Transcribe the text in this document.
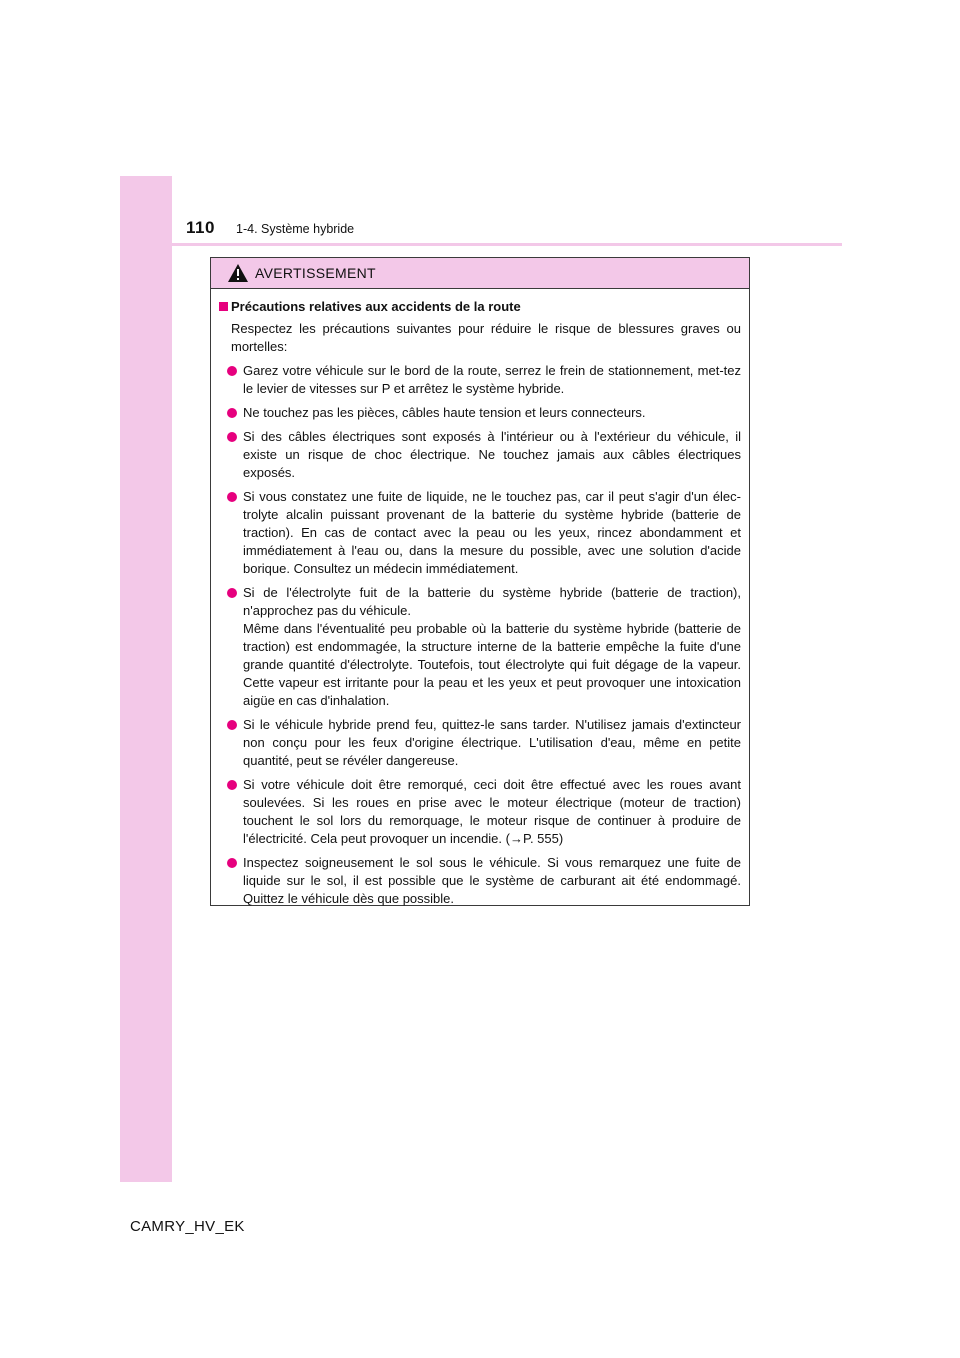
110 1-4. Système hybride
AVERTISSEMENT
Précautions relatives aux accidents de la route
Respectez les précautions suivantes pour réduire le risque de blessures graves ou mortelles:
Garez votre véhicule sur le bord de la route, serrez le frein de stationnement, met-tez le levier de vitesses sur P et arrêtez le système hybride.
Ne touchez pas les pièces, câbles haute tension et leurs connecteurs.
Si des câbles électriques sont exposés à l'intérieur ou à l'extérieur du véhicule, il existe un risque de choc électrique. Ne touchez jamais aux câbles électriques exposés.
Si vous constatez une fuite de liquide, ne le touchez pas, car il peut s'agir d'un élec-trolyte alcalin puissant provenant de la batterie du système hybride (batterie de traction). En cas de contact avec la peau ou les yeux, rincez abondamment et immédiatement à l'eau ou, dans la mesure du possible, avec une solution d'acide borique. Consultez un médecin immédiatement.
Si de l'électrolyte fuit de la batterie du système hybride (batterie de traction), n'approchez pas du véhicule.
Même dans l'éventualité peu probable où la batterie du système hybride (batterie de traction) est endommagée, la structure interne de la batterie empêche la fuite d'une grande quantité d'électrolyte. Toutefois, tout électrolyte qui fuit dégage de la vapeur. Cette vapeur est irritante pour la peau et les yeux et peut provoquer une intoxication aigüe en cas d'inhalation.
Si le véhicule hybride prend feu, quittez-le sans tarder. N'utilisez jamais d'extincteur non conçu pour les feux d'origine électrique. L'utilisation d'eau, même en petite quantité, peut se révéler dangereuse.
Si votre véhicule doit être remorqué, ceci doit être effectué avec les roues avant soulevées. Si les roues en prise avec le moteur électrique (moteur de traction) touchent le sol lors du remorquage, le moteur risque de continuer à produire de l'électricité. Cela peut provoquer un incendie. (→P. 555)
Inspectez soigneusement le sol sous le véhicule. Si vous remarquez une fuite de liquide sur le sol, il est possible que le système de carburant ait été endommagé. Quittez le véhicule dès que possible.
CAMRY_HV_EK
